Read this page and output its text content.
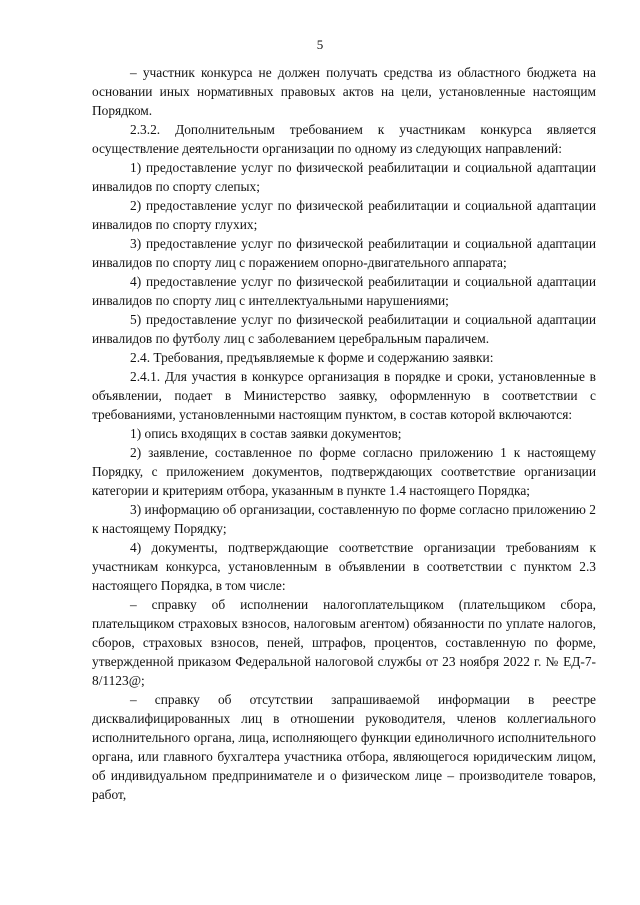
5

– участник конкурса не должен получать средства из областного бюджета на основании иных нормативных правовых актов на цели, установленные настоящим Порядком.

2.3.2. Дополнительным требованием к участникам конкурса является осуществление деятельности организации по одному из следующих направлений:

1) предоставление услуг по физической реабилитации и социальной адаптации инвалидов по спорту слепых;

2) предоставление услуг по физической реабилитации и социальной адаптации инвалидов по спорту глухих;

3) предоставление услуг по физической реабилитации и социальной адаптации инвалидов по спорту лиц с поражением опорно-двигательного аппарата;

4) предоставление услуг по физической реабилитации и социальной адаптации инвалидов по спорту лиц с интеллектуальными нарушениями;

5) предоставление услуг по физической реабилитации и социальной адаптации инвалидов по футболу лиц с заболеванием церебральным параличем.

2.4. Требования, предъявляемые к форме и содержанию заявки:

2.4.1. Для участия в конкурсе организация в порядке и сроки, установленные в объявлении, подает в Министерство заявку, оформленную в соответствии с требованиями, установленными настоящим пунктом, в состав которой включаются:

1) опись входящих в состав заявки документов;

2) заявление, составленное по форме согласно приложению 1 к настоящему Порядку, с приложением документов, подтверждающих соответствие организации категории и критериям отбора, указанным в пункте 1.4 настоящего Порядка;

3) информацию об организации, составленную по форме согласно приложению 2 к настоящему Порядку;

4) документы, подтверждающие соответствие организации требованиям к участникам конкурса, установленным в объявлении в соответствии с пунктом 2.3 настоящего Порядка, в том числе:

– справку об исполнении налогоплательщиком (плательщиком сбора, плательщиком страховых взносов, налоговым агентом) обязанности по уплате налогов, сборов, страховых взносов, пеней, штрафов, процентов, составленную по форме, утвержденной приказом Федеральной налоговой службы от 23 ноября 2022 г. № ЕД-7-8/1123@;

– справку об отсутствии запрашиваемой информации в реестре дисквалифицированных лиц в отношении руководителя, членов коллегиального исполнительного органа, лица, исполняющего функции единоличного исполнительного органа, или главного бухгалтера участника отбора, являющегося юридическим лицом, об индивидуальном предпринимателе и о физическом лице – производителе товаров, работ,
